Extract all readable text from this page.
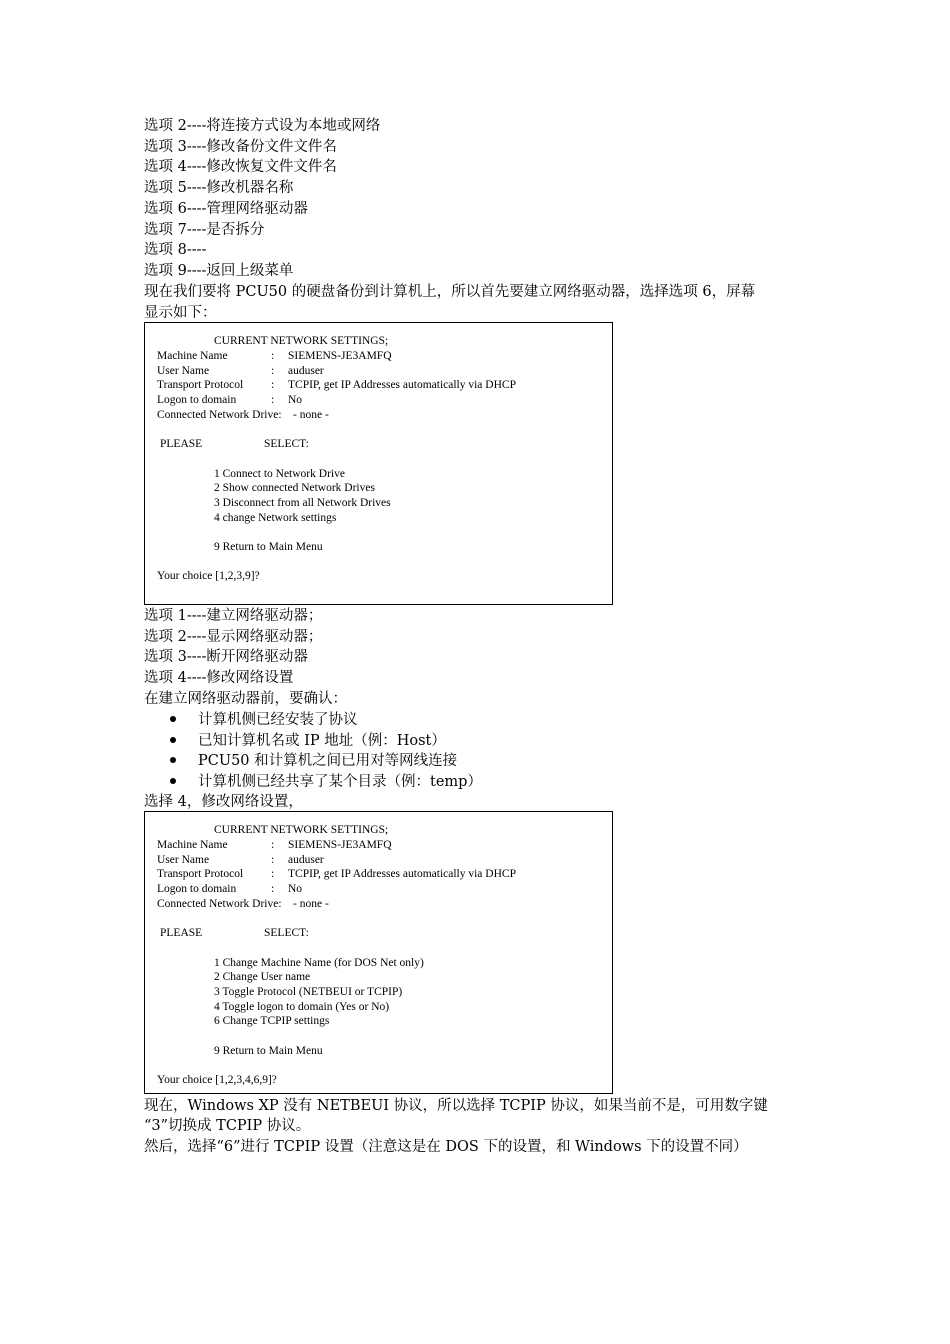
选项 2----将连接方式设为本地或网络
选项 3----修改备份文件文件名
选项 4----修改恢复文件文件名
选项 5----修改机器名称
选项 6----管理网络驱动器
选项 7----是否拆分
选项 8----
选项 9----返回上级菜单
现在我们要将 PCU50 的硬盘备份到计算机上，所以首先要建立网络驱动器，选择选项 6，屏幕
显示如下：
CURRENT NETWORK SETTINGS;
Machine Name	: SIEMENS-JE3AMFQ
User Name	: auduser
Transport Protocol : TCPIP, get IP Addresses automatically via DHCP
Logon to domain	: No
Connected Network Drive:    - none -
PLEASE	SELECT:
1 Connect to Network Drive
2 Show connected Network Drives
3 Disconnect from all Network Drives
4 change Network settings
9 Return to Main Menu
Your choice [1,2,3,9]?
选项 1----建立网络驱动器；
选项 2----显示网络驱动器；
选项 3----断开网络驱动器
选项 4----修改网络设置
在建立网络驱动器前，要确认：
计算机侧已经安装了协议
已知计算机名或 IP 地址（例：Host）
PCU50 和计算机之间已用对等网线连接
计算机侧已经共享了某个目录（例：temp）
选择 4，修改网络设置，
CURRENT NETWORK SETTINGS;
Machine Name	: SIEMENS-JE3AMFQ
User Name	: auduser
Transport Protocol : TCPIP, get IP Addresses automatically via DHCP
Logon to domain	: No
Connected Network Drive:    - none -
PLEASE	SELECT:
1 Change Machine Name (for DOS Net only)
2 Change User name
3 Toggle Protocol (NETBEUI or TCPIP)
4 Toggle logon to domain (Yes or No)
6 Change TCPIP settings
9 Return to Main Menu
Your choice [1,2,3,4,6,9]?
现在，Windows XP 没有 NETBEUI 协议，所以选择 TCPIP 协议，如果当前不是，可用数字键
“3”切换成 TCPIP 协议。
然后，选择“6”进行 TCPIP 设置（注意这是在 DOS 下的设置，和 Windows 下的设置不同）
